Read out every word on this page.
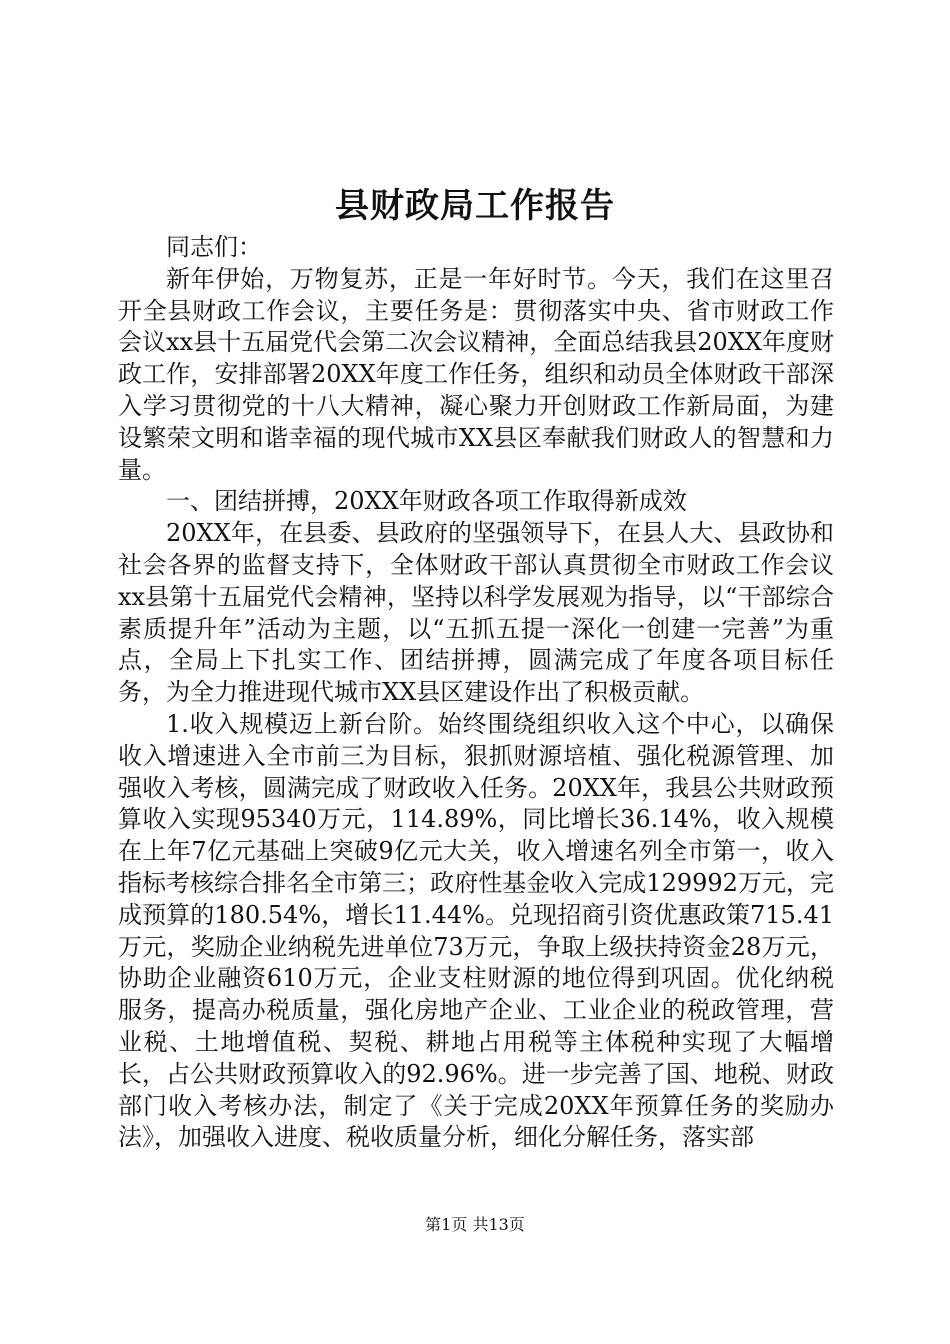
县财政局工作报告

同志们：

新年伊始，万物复苏，正是一年好时节。今天，我们在这里召开全县财政工作会议，主要任务是：贯彻落实中央、省市财政工作会议xx县十五届党代会第二次会议精神，全面总结我县20XX年度财政工作，安排部署20XX年度工作任务，组织和动员全体财政干部深入学习贯彻党的十八大精神，凝心聚力开创财政工作新局面，为建设繁荣文明和谐幸福的现代城市XX县区奉献我们财政人的智慧和力量。

一、团结拼搏，20XX年财政各项工作取得新成效

20XX年，在县委、县政府的坚强领导下，在县人大、县政协和社会各界的监督支持下，全体财政干部认真贯彻全市财政工作会议xx县第十五届党代会精神，坚持以科学发展观为指导，以“干部综合素质提升年”活动为主题，以“五抓五提一深化一创建一完善”为重点，全局上下扎实工作、团结拼搏，圆满完成了年度各项目标任务，为全力推进现代城市XX县区建设作出了积极贡献。

1.收入规模迈上新台阶。始终围绕组织收入这个中心，以确保收入增速进入全市前三为目标，狠抓财源培植、强化税源管理、加强收入考核，圆满完成了财政收入任务。20XX年，我县公共财政预算收入实现95340万元，114.89%，同比增长36.14%，收入规模在上年7亿元基础上突破9亿元大关，收入增速名列全市第一，收入指标考核综合排名全市第三；政府性基金收入完成129992万元，完成预算的180.54%，增长11.44%。兑现招商引资优惠政策715.41万元，奖励企业纳税先进单位73万元，争取上级扶持资金28万元，协助企业融资610万元，企业支柱财源的地位得到巩固。优化纳税服务，提高办税质量，强化房地产企业、工业企业的税政管理，营业税、土地增值税、契税、耕地占用税等主体税种实现了大幅增长，占公共财政预算收入的92.96%。进一步完善了国、地税、财政部门收入考核办法，制定了《关于完成20XX年预算任务的奖励办法》，加强收入进度、税收质量分析，细化分解任务，落实部

第1页 共13页
